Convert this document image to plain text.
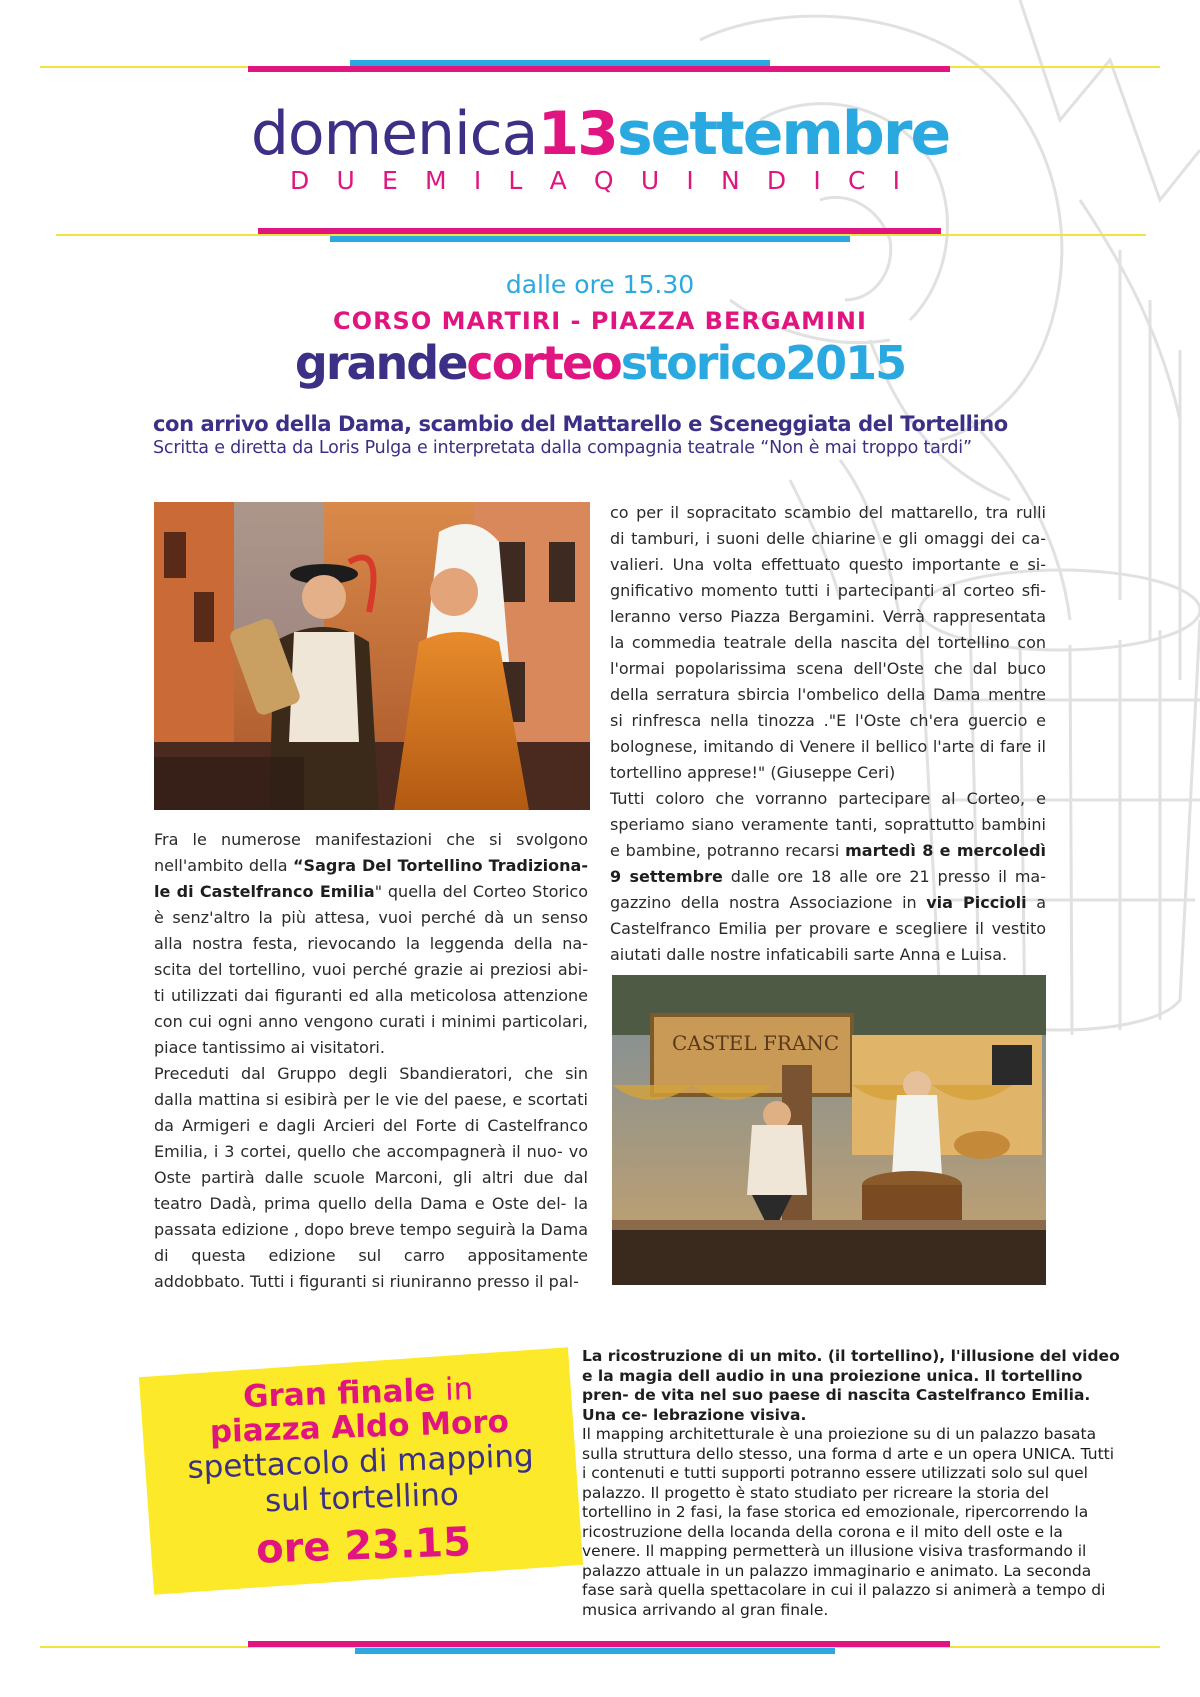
domenica13settembre
D U E M I L A Q U I N D I C I
dalle ore 15.30
CORSO MARTIRI - PIAZZA BERGAMINI
grandecorteostorico2015
con arrivo della Dama, scambio del Mattarello e Sceneggiata del Tortellino
Scritta e diretta da Loris Pulga e interpretata dalla compagnia teatrale “Non è mai troppo tardi”

Fra le numerose manifestazioni che si svolgono nell'ambito della “Sagra Del Tortellino Tradiziona- le di Castelfranco Emilia" quella del Corteo Storico è senz'altro la più attesa, vuoi perché dà un senso alla nostra festa, rievocando la leggenda della na- scita del tortellino, vuoi perché grazie ai preziosi abi- ti utilizzati dai figuranti ed alla meticolosa attenzione con cui ogni anno vengono curati i minimi particolari, piace tantissimo ai visitatori.

Preceduti dal Gruppo degli Sbandieratori, che sin dalla mattina si esibirà per le vie del paese, e scortati da Armigeri e dagli Arcieri del Forte di Castelfranco Emilia, i 3 cortei, quello che accompagnerà il nuo- vo Oste partirà dalle scuole Marconi, gli altri due dal teatro Dadà, prima quello della Dama e Oste del- la passata edizione , dopo breve tempo seguirà la Dama di questa edizione sul carro appositamente addobbato. Tutti i figuranti si riuniranno presso il pal-

co per il sopracitato scambio del mattarello, tra rulli di tamburi, i suoni delle chiarine e gli omaggi dei ca- valieri. Una volta effettuato questo importante e si- gnificativo momento tutti i partecipanti al corteo sfi- leranno verso Piazza Bergamini. Verrà rappresentata la commedia teatrale della nascita del tortellino con l'ormai popolarissima scena dell'Oste che dal buco della serratura sbircia l'ombelico della Dama mentre si rinfresca nella tinozza ."E l'Oste ch'era guercio e bolognese, imitando di Venere il bellico l'arte di fare il tortellino apprese!" (Giuseppe Ceri)

Tutti coloro che vorranno partecipare al Corteo, e speriamo siano veramente tanti, soprattutto bambini e bambine, potranno recarsi martedì 8 e mercoledì 9 settembre dalle ore 18 alle ore 21 presso il ma- gazzino della nostra Associazione in via Piccioli a Castelfranco Emilia per provare e scegliere il vestito aiutati dalle nostre infaticabili sarte Anna e Luisa.

CASTEL FRANC
Gran finale in
piazza Aldo Moro
spettacolo di mapping
sul tortellino
ore 23.15

La ricostruzione di un mito. (il tortellino), l'illusione del video e la magia dell audio in una proiezione unica. Il tortellino pren- de vita nel suo paese di nascita Castelfranco Emilia. Una ce- lebrazione visiva.

Il mapping architetturale è una proiezione su di un palazzo basata sulla struttura dello stesso, una forma d arte e un opera UNICA. Tutti i contenuti e tutti supporti potranno essere utilizzati solo sul quel palazzo. Il progetto è stato studiato per ricreare la storia del tortellino in 2 fasi, la fase storica ed emozionale, ripercorrendo la ricostruzione della locanda della corona e il mito dell oste e la venere. Il mapping permetterà un illusione visiva trasformando il palazzo attuale in un palazzo immaginario e animato. La seconda fase sarà quella spettacolare in cui il palazzo si animerà a tempo di musica arrivando al gran finale.
